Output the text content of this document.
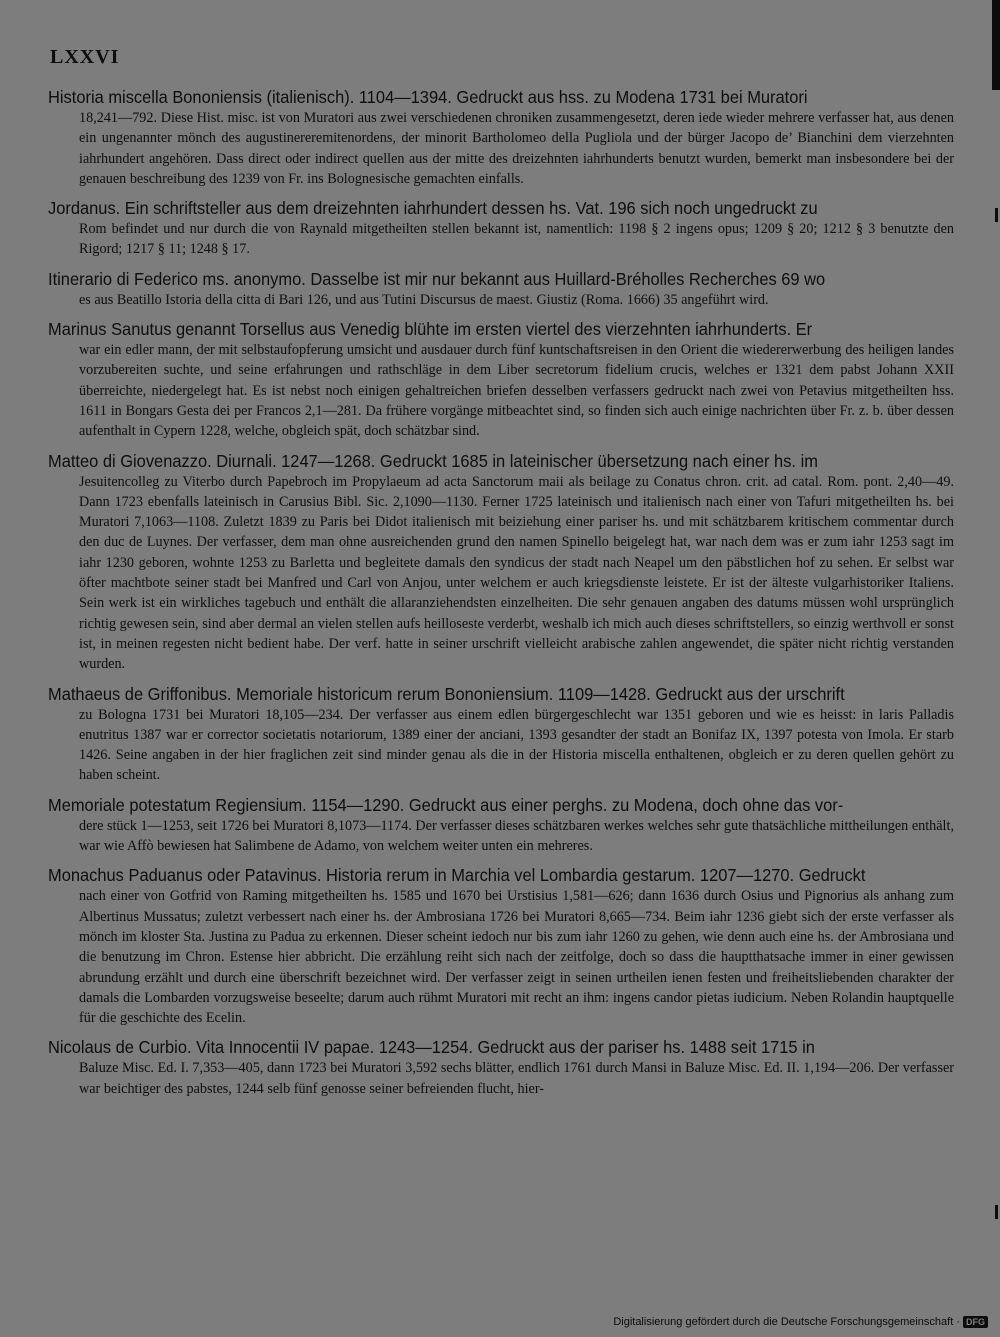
LXXVI

Historia miscella Bononiensis (italienisch). 1104—1394. Gedruckt aus hss. zu Modena 1731 bei Muratori

18,241—792. Diese Hist. misc. ist von Muratori aus zwei verschiedenen chroniken zusammengesetzt, deren iede wieder mehrere verfasser hat, aus denen ein ungenannter mönch des augustinereremitenordens, der minorit Bartholomeo della Pugliola und der bürger Jacopo de’ Bianchini dem vierzehnten iahrhundert angehören. Dass direct oder indirect quellen aus der mitte des dreizehnten iahrhunderts benutzt wurden, bemerkt man insbesondere bei der genauen beschreibung des 1239 von Fr. ins Bolognesische gemachten einfalls.

Jordanus. Ein schriftsteller aus dem dreizehnten iahrhundert dessen hs. Vat. 196 sich noch ungedruckt zu

Rom befindet und nur durch die von Raynald mitgetheilten stellen bekannt ist, namentlich: 1198 § 2 ingens opus; 1209 § 20; 1212 § 3 benutzte den Rigord; 1217 § 11; 1248 § 17.

Itinerario di Federico ms. anonymo. Dasselbe ist mir nur bekannt aus Huillard-Bréholles Recherches 69 wo

es aus Beatillo Istoria della citta di Bari 126, und aus Tutini Discursus de maest. Giustiz (Roma. 1666) 35 angeführt wird.

Marinus Sanutus genannt Torsellus aus Venedig blühte im ersten viertel des vierzehnten iahrhunderts. Er

war ein edler mann, der mit selbstaufopferung umsicht und ausdauer durch fünf kuntschaftsreisen in den Orient die wiedererwerbung des heiligen landes vorzubereiten suchte, und seine erfahrungen und rathschläge in dem Liber secretorum fidelium crucis, welches er 1321 dem pabst Johann XXII überreichte, niedergelegt hat. Es ist nebst noch einigen gehaltreichen briefen desselben verfassers gedruckt nach zwei von Petavius mitgetheilten hss. 1611 in Bongars Gesta dei per Francos 2,1—281. Da frühere vorgänge mitbeachtet sind, so finden sich auch einige nachrichten über Fr. z. b. über dessen aufenthalt in Cypern 1228, welche, obgleich spät, doch schätzbar sind.

Matteo di Giovenazzo. Diurnali. 1247—1268. Gedruckt 1685 in lateinischer übersetzung nach einer hs. im

Jesuitencolleg zu Viterbo durch Papebroch im Propylaeum ad acta Sanctorum maii als beilage zu Conatus chron. crit. ad catal. Rom. pont. 2,40—49. Dann 1723 ebenfalls lateinisch in Carusius Bibl. Sic. 2,1090—1130. Ferner 1725 lateinisch und italienisch nach einer von Tafuri mitgetheilten hs. bei Muratori 7,1063—1108. Zuletzt 1839 zu Paris bei Didot italienisch mit beiziehung einer pariser hs. und mit schätzbarem kritischem commentar durch den duc de Luynes. Der verfasser, dem man ohne ausreichenden grund den namen Spinello beigelegt hat, war nach dem was er zum iahr 1253 sagt im iahr 1230 geboren, wohnte 1253 zu Barletta und begleitete damals den syndicus der stadt nach Neapel um den päbstlichen hof zu sehen. Er selbst war öfter machtbote seiner stadt bei Manfred und Carl von Anjou, unter welchem er auch kriegsdienste leistete. Er ist der älteste vulgarhistoriker Italiens. Sein werk ist ein wirkliches tagebuch und enthält die allaranziehendsten einzelheiten. Die sehr genauen angaben des datums müssen wohl ursprünglich richtig gewesen sein, sind aber dermal an vielen stellen aufs heilloseste verderbt, weshalb ich mich auch dieses schriftstellers, so einzig werthvoll er sonst ist, in meinen regesten nicht bedient habe. Der verf. hatte in seiner urschrift vielleicht arabische zahlen angewendet, die später nicht richtig verstanden wurden.

Mathaeus de Griffonibus. Memoriale historicum rerum Bononiensium. 1109—1428. Gedruckt aus der urschrift

zu Bologna 1731 bei Muratori 18,105—234. Der verfasser aus einem edlen bürgergeschlecht war 1351 geboren und wie es heisst: in laris Palladis enutritus 1387 war er corrector societatis notariorum, 1389 einer der anciani, 1393 gesandter der stadt an Bonifaz IX, 1397 potesta von Imola. Er starb 1426. Seine angaben in der hier fraglichen zeit sind minder genau als die in der Historia miscella enthaltenen, obgleich er zu deren quellen gehört zu haben scheint.

Memoriale potestatum Regiensium. 1154—1290. Gedruckt aus einer perghs. zu Modena, doch ohne das vor-

dere stück 1—1253, seit 1726 bei Muratori 8,1073—1174. Der verfasser dieses schätzbaren werkes welches sehr gute thatsächliche mittheilungen enthält, war wie Affò bewiesen hat Salimbene de Adamo, von welchem weiter unten ein mehreres.

Monachus Paduanus oder Patavinus. Historia rerum in Marchia vel Lombardia gestarum. 1207—1270. Gedruckt

nach einer von Gotfrid von Raming mitgetheilten hs. 1585 und 1670 bei Urstisius 1,581—626; dann 1636 durch Osius und Pignorius als anhang zum Albertinus Mussatus; zuletzt verbessert nach einer hs. der Ambrosiana 1726 bei Muratori 8,665—734. Beim iahr 1236 giebt sich der erste verfasser als mönch im kloster Sta. Justina zu Padua zu erkennen. Dieser scheint iedoch nur bis zum iahr 1260 zu gehen, wie denn auch eine hs. der Ambrosiana und die benutzung im Chron. Estense hier abbricht. Die erzählung reiht sich nach der zeitfolge, doch so dass die hauptthatsache immer in einer gewissen abrundung erzählt und durch eine überschrift bezeichnet wird. Der verfasser zeigt in seinen urtheilen ienen festen und freiheitsliebenden charakter der damals die Lombarden vorzugsweise beseelte; darum auch rühmt Muratori mit recht an ihm: ingens candor pietas iudicium. Neben Rolandin hauptquelle für die geschichte des Ecelin.

Nicolaus de Curbio. Vita Innocentii IV papae. 1243—1254. Gedruckt aus der pariser hs. 1488 seit 1715 in

Baluze Misc. Ed. I. 7,353—405, dann 1723 bei Muratori 3,592 sechs blätter, endlich 1761 durch Mansi in Baluze Misc. Ed. II. 1,194—206. Der verfasser war beichtiger des pabstes, 1244 selb fünf genosse seiner befreienden flucht, hier-

Digitalisierung gefördert durch die Deutsche Forschungsgemeinschaft · DFG
